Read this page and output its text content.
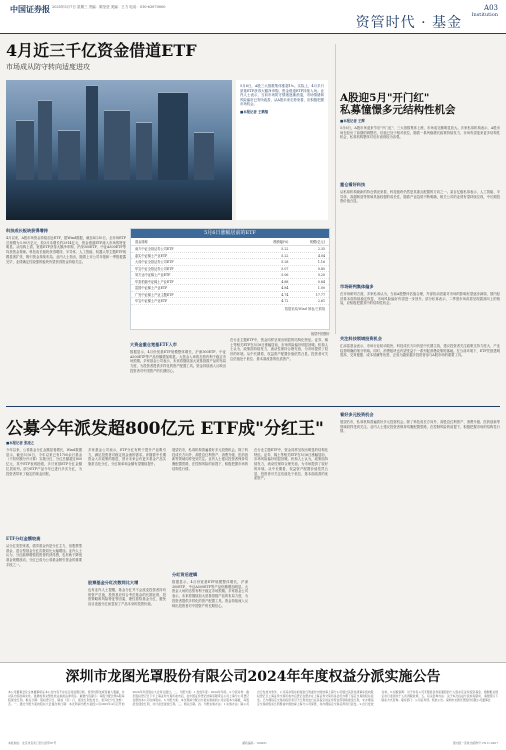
中国证券报 2025年5月7日 星期三 责编：陈莹莹 美编：王力 电话：010-63070000
资管时代 · 基金
A03
Institution
4月近三千亿资金借道ETF
市场成从防守转向适度进攻
5月6日，A股三大指数集体涨超1%。实际上，4月多只宽基ETF获得大额净申购，资金借道ETF持续入场。业内人士表示，当前市场防守情绪逐渐消退，市场情绪和风险偏好已有所改善，从A股未来走势来看，应积极把握市场机会。
■本报记者 王鹤翔
科技成长板块获得增持
4月以来，A股市场资金持续加仓ETF，据Wind数据，截至4月30日，全市场ETF总规模为3.99万亿元，较3月末增长约2914亿元，资金借道ETF流入市场的特征明显。从结构上看，宽基ETF获得大额净申购，沪深300ETF、中证A500ETF等均获资金青睐。科技成长板块获得增持，半导体、人工智能、机器人等主题ETF规模显著扩张，吸引资金持续布局。业内人士指出，随着上市公司年报和一季报披露完毕，业绩确定性较强的板块有望获得资金持续关注。
5月6日涨幅居前的ETF
基金简称	涨跌幅(%)	规模(亿元)
南方中证全指证券公司ETF	5.22	2.35
嘉实中证稀土产业ETF	5.22	4.04
大成中证全指证券公司ETF	5.28	1.16
华宝中证全指证券公司ETF	5.07	0.85
易方达中证稀土产业ETF	5.06	0.20
华泰柏瑞中证稀土产业ETF	4.88	0.84
富国中证稀土产业ETF	4.84	1.00
广发中证稀土产业主题ETF	4.74	17.77
华宝中证稀土产业ETF	4.72	2.61
数据来源/Wind 制表/王鹤翔
视觉中国图片
大资金重仓宽基ETF入市
数据显示，4月份宽基ETF规模整体增长，沪深300ETF、中证A500ETF等产品份额增加明显。大资金入场的态势有利于稳定市场预期。多家基金公司表示，未来将继续加大宽基指数产品的布局力度，为投资者提供多样化的资产配置工具。资金持续流入反映出投资者对中国资产的长期信心。
在行业主题ETF中，资金同样呈现出明显的结构化特征。证券、稀土等相关ETF在5月6日涨幅居前，市场风险偏好明显回暖。机构人士认为，政策面持续发力，流动性保持合理充裕，为市场提供了较好的环境。从中长期看，权益资产配置价值依然凸显，投资者可关注估值处于低位、基本面改善的优质资产。
关注科技领域投资机会
汇添富基金表示，市场行业轮动较快，科技成长方向仍是中长期主线，建议投资者关注政策支持力度大、产业趋势明确的细分领域。同时，消费板块也有望受益于一系列促消费政策的落地。在当前环境下，ETF凭借透明度高、交易便捷、成本低廉等优势，正成为越来越多投资者参与A股市场的重要工具。
公募今年派发超800亿元 ETF成"分红王"
■本报记者 张凌之
今年以来，公募基金分红金额显著增长，Wind数据显示，截至5月6日，今年以来已有1700余只基金（不同份额分开计算）实施分红，分红总额超过800亿元，其中ETF表现抢眼，多只宽基ETF分红金额位居前列。部分ETF产品今年已进行多次分红，为投资者带来了稳定的现金回报。
ETF分红金额较高
从分红类型来看，债券基金仍是分红主力，但股票型基金、混合型基金分红次数同比大幅增加。业内人士认为，分红能够增强投资者的获得感，也有助于降低基金规模波动，分红已成为公募基金吸引资金的重要手段之一。
多家基金公司表示，ETF分红有利于提升产品吸引力，满足投资者对稳定现金流的需求。伴随着中长期资金入市政策的推进，预计未来会有更多基金产品实施常态化分红，分红频率和金额有望继续提升。
股票基金分红次数同比大增
也有业内人士提醒，基金分红并不会改变投资者持有的资产总值，投资者应综合考虑基金的长期业绩、投资策略和风险特征等因素，理性看待基金分红，避免盲目追逐分红而忽视了产品本身的投资价值。
展望后市，私募机构普遍看好多元投资机会。除了科技成长方向外，高股息红利资产、消费升级、医药创新等领域同样受到关注。业内人士建议投资者保持均衡配置思路，在控制风险的前提下，积极把握市场的结构性行情。
分红背后逻辑
数据显示，4月份宽基ETF规模整体增长，沪深300ETF、中证A500ETF等产品份额增加明显。大资金入场的态势有利于稳定市场预期。多家基金公司表示，未来将继续加大宽基指数产品的布局力度，为投资者提供多样化的资产配置工具。资金持续流入反映出投资者对中国资产的长期信心。
在行业主题ETF中，资金同样呈现出明显的结构化特征。证券、稀土等相关ETF在5月6日涨幅居前，市场风险偏好明显回暖。机构人士认为，政策面持续发力，流动性保持合理充裕，为市场提供了较好的环境。从中长期看，权益资产配置价值依然凸显，投资者可关注估值处于低位、基本面改善的优质资产。
A股迎5月"开门红"
私募憧憬多元结构性机会
■本报记者 王辉
5月6日，A股市场迎来节后"开门红"，三大指数集体上涨，市场成交额明显放大。多家私募机构表示，A股市场在经历了前期的调整后，估值已处于相对低位，随着一系列稳增长政策持续发力，市场有望迎来更多结构性机会，私募机构整体对后市表现较为乐观。
重仓看好科技
从私募机构最新的持仓情况来看，科技板块仍然是其重点配置的方向之一。某百亿级私募表示，人工智能、半导体、高端制造等领域具备较强的成长性，随着产业趋势不断明确，相关公司的业绩有望持续兑现，中长期投资价值凸显。
市场研判集体偏多
在市场研判方面，多家私募认为，当前A股整体估值合理，外部扰动因素对市场的影响有望逐步减弱，国内经济基本面持续稳定恢复，市场风险偏好有望进一步回升。部分私募表示，二季度市场或将呈现震荡向上的格局，应积极把握其中的结构性机会。
看好多元投资机会
展望后市，私募机构普遍看好多元投资机会。除了科技成长方向外，高股息红利资产、消费升级、医药创新等领域同样受到关注。业内人士建议投资者保持均衡配置思路，在控制风险的前提下，积极把握市场的结构性行情。
深圳市龙图光罩股份有限公司2024年年度权益分派实施公告
本公司董事会及全体董事保证本公告内容不存在任何虚假记载、误导性陈述或者重大遗漏，并对其内容的真实性、准确性和完整性依法承担法律责任。重要内容提示：每股分配比例A股每股现金红利。相关日期：股权登记日、除权（息）日、现金红利发放日。差异化分红送转：否。一、通过分配方案的股东大会届次和日期：本次利润分配方案经公司2025年4月召开的2024年年度股东大会审议通过。二、分配方案：1.发放年度：2024年年度。2.分派对象：截至股权登记日下午上海证券交易所收市后，在中国证券登记结算有限责任公司上海分公司登记在册的本公司全体股东。3.分配方案：本次利润分配以方案实施前的公司总股本为基数，每股派发现金红利，共计派发现金红利。三、相关日期。四、分配实施办法：1.实施办法：除公司自行发放对象外，公司其余股东的现金红利委托中国结算上海分公司通过其资金清算系统向股权登记日上海证券交易所收市后登记在册并在上海证券交易所各会员办理了指定交易的股东派发。已办理指定交易的投资者可于红利发放日在其指定的证券营业部领取现金红利，未办理指定交易的股东红利暂由中国结算上海分公司保管，待办理指定交易后再进行派发。2.自行发放对象。3.扣税说明：对于持有公司无限售条件流通股的个人股东及证券投资基金，根据相关规定执行差别化个人所得税政策。五、有关咨询办法：关于本次权益分派如有疑问，请按照以下联系方式咨询。联系部门：公司证券部。特此公告。深圳市龙图光罩股份有限公司董事会
本报地址：北京市宣武门西大街甲97号	邮政编码：100031	国内统一连续出版物号 CN11-0207
